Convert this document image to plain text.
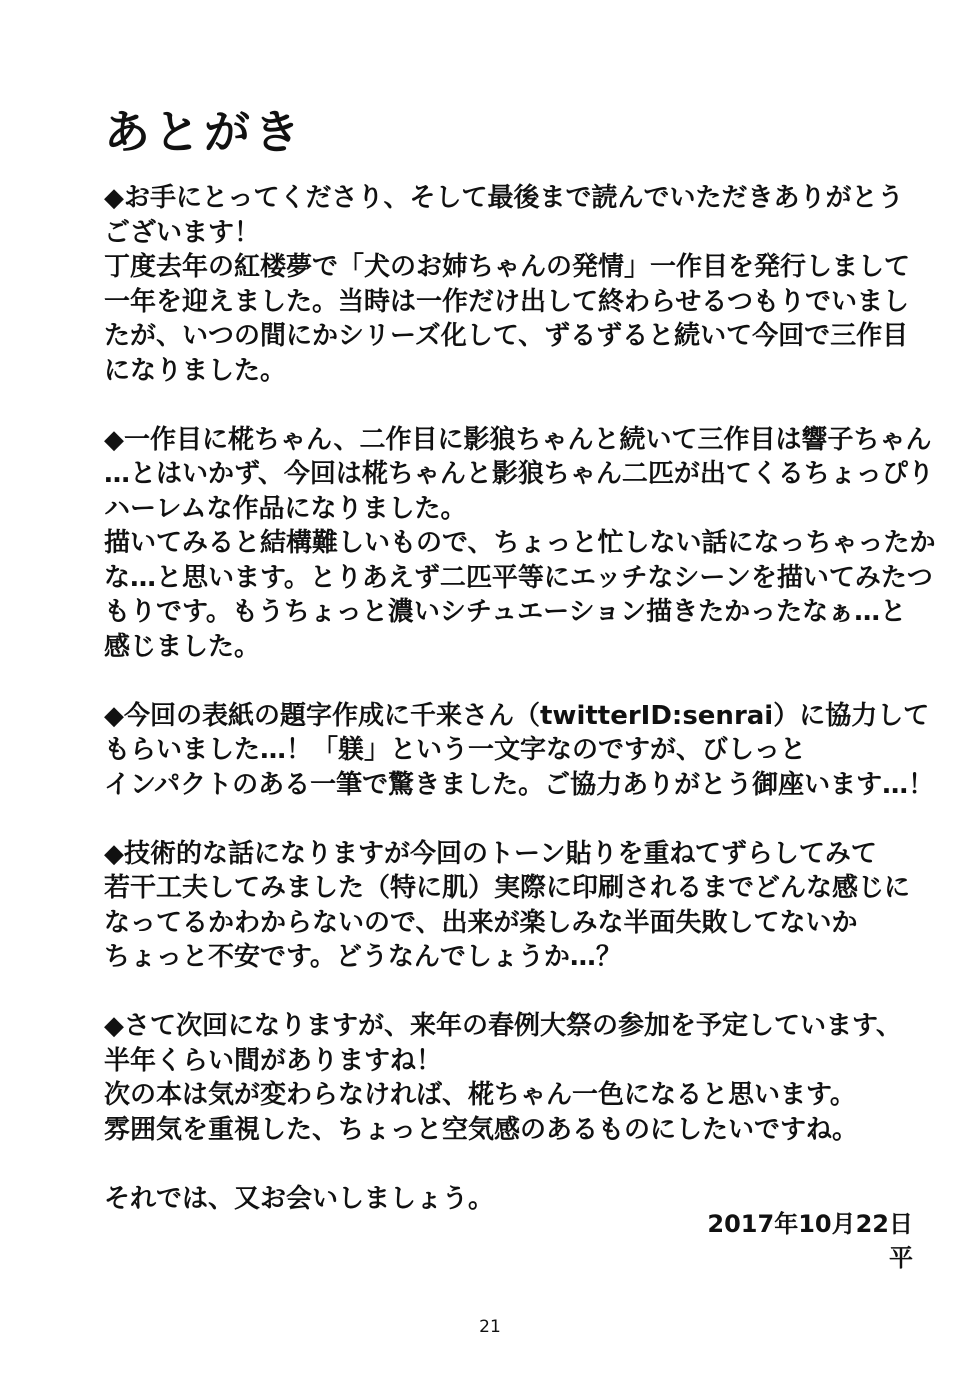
あとがき
◆お手にとってくださり、そして最後まで読んでいただきありがとう
ございます！
丁度去年の紅楼夢で「犬のお姉ちゃんの発情」一作目を発行しまして
一年を迎えました。当時は一作だけ出して終わらせるつもりでいまし
たが、いつの間にかシリーズ化して、ずるずると続いて今回で三作目
になりました。
◆一作目に椛ちゃん、二作目に影狼ちゃんと続いて三作目は響子ちゃん
…とはいかず、今回は椛ちゃんと影狼ちゃん二匹が出てくるちょっぴり
ハーレムな作品になりました。
描いてみると結構難しいもので、ちょっと忙しない話になっちゃったか
な…と思います。とりあえず二匹平等にエッチなシーンを描いてみたつ
もりです。もうちょっと濃いシチュエーション描きたかったなぁ…と
感じました。
◆今回の表紙の題字作成に千来さん（twitterID:senrai）に協力して
もらいました…！「躾」という一文字なのですが、びしっと
インパクトのある一筆で驚きました。ご協力ありがとう御座います…！
◆技術的な話になりますが今回のトーン貼りを重ねてずらしてみて
若干工夫してみました（特に肌）実際に印刷されるまでどんな感じに
なってるかわからないので、出来が楽しみな半面失敗してないか
ちょっと不安です。どうなんでしょうか…？
◆さて次回になりますが、来年の春例大祭の参加を予定しています、
半年くらい間がありますね！
次の本は気が変わらなければ、椛ちゃん一色になると思います。
雰囲気を重視した、ちょっと空気感のあるものにしたいですね。
それでは、又お会いしましょう。
2017年10月22日
平
21
